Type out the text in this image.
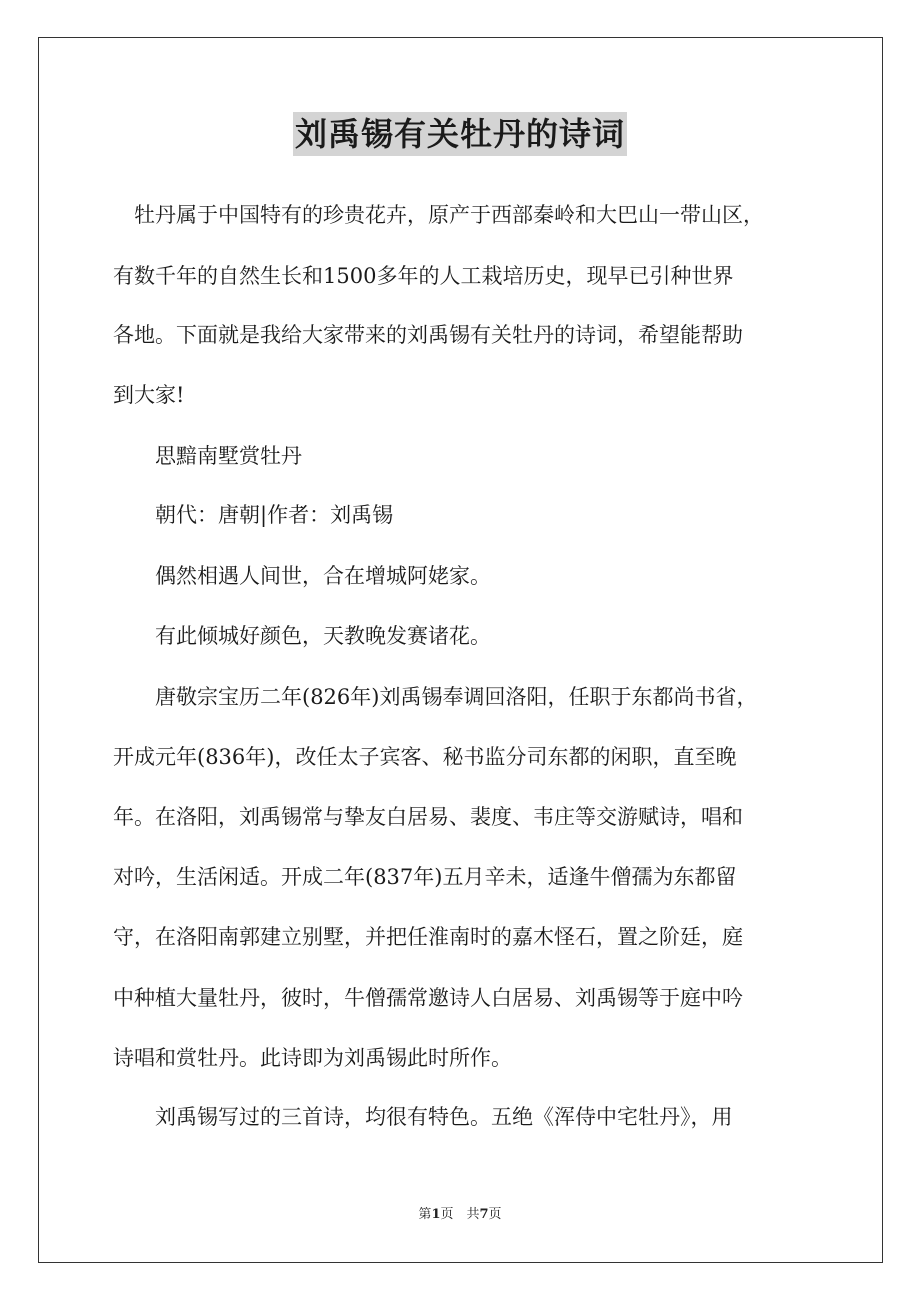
刘禹锡有关牡丹的诗词
　牡丹属于中国特有的珍贵花卉，原产于西部秦岭和大巴山一带山区，
有数千年的自然生长和1500多年的人工栽培历史，现早已引种世界
各地。下面就是我给大家带来的刘禹锡有关牡丹的诗词，希望能帮助
到大家!
　　思黯南墅赏牡丹
　　朝代：唐朝|作者：刘禹锡
　　偶然相遇人间世，合在增城阿姥家。
　　有此倾城好颜色，天教晚发赛诸花。
　　唐敬宗宝历二年(826年)刘禹锡奉调回洛阳，任职于东都尚书省，
开成元年(836年)，改任太子宾客、秘书监分司东都的闲职，直至晚
年。在洛阳，刘禹锡常与挚友白居易、裴度、韦庄等交游赋诗，唱和
对吟，生活闲适。开成二年(837年)五月辛未，适逢牛僧孺为东都留
守，在洛阳南郭建立别墅，并把任淮南时的嘉木怪石，置之阶廷，庭
中种植大量牡丹，彼时，牛僧孺常邀诗人白居易、刘禹锡等于庭中吟
诗唱和赏牡丹。此诗即为刘禹锡此时所作。
　　刘禹锡写过的三首诗，均很有特色。五绝《浑侍中宅牡丹》，用
第1页　共7页
